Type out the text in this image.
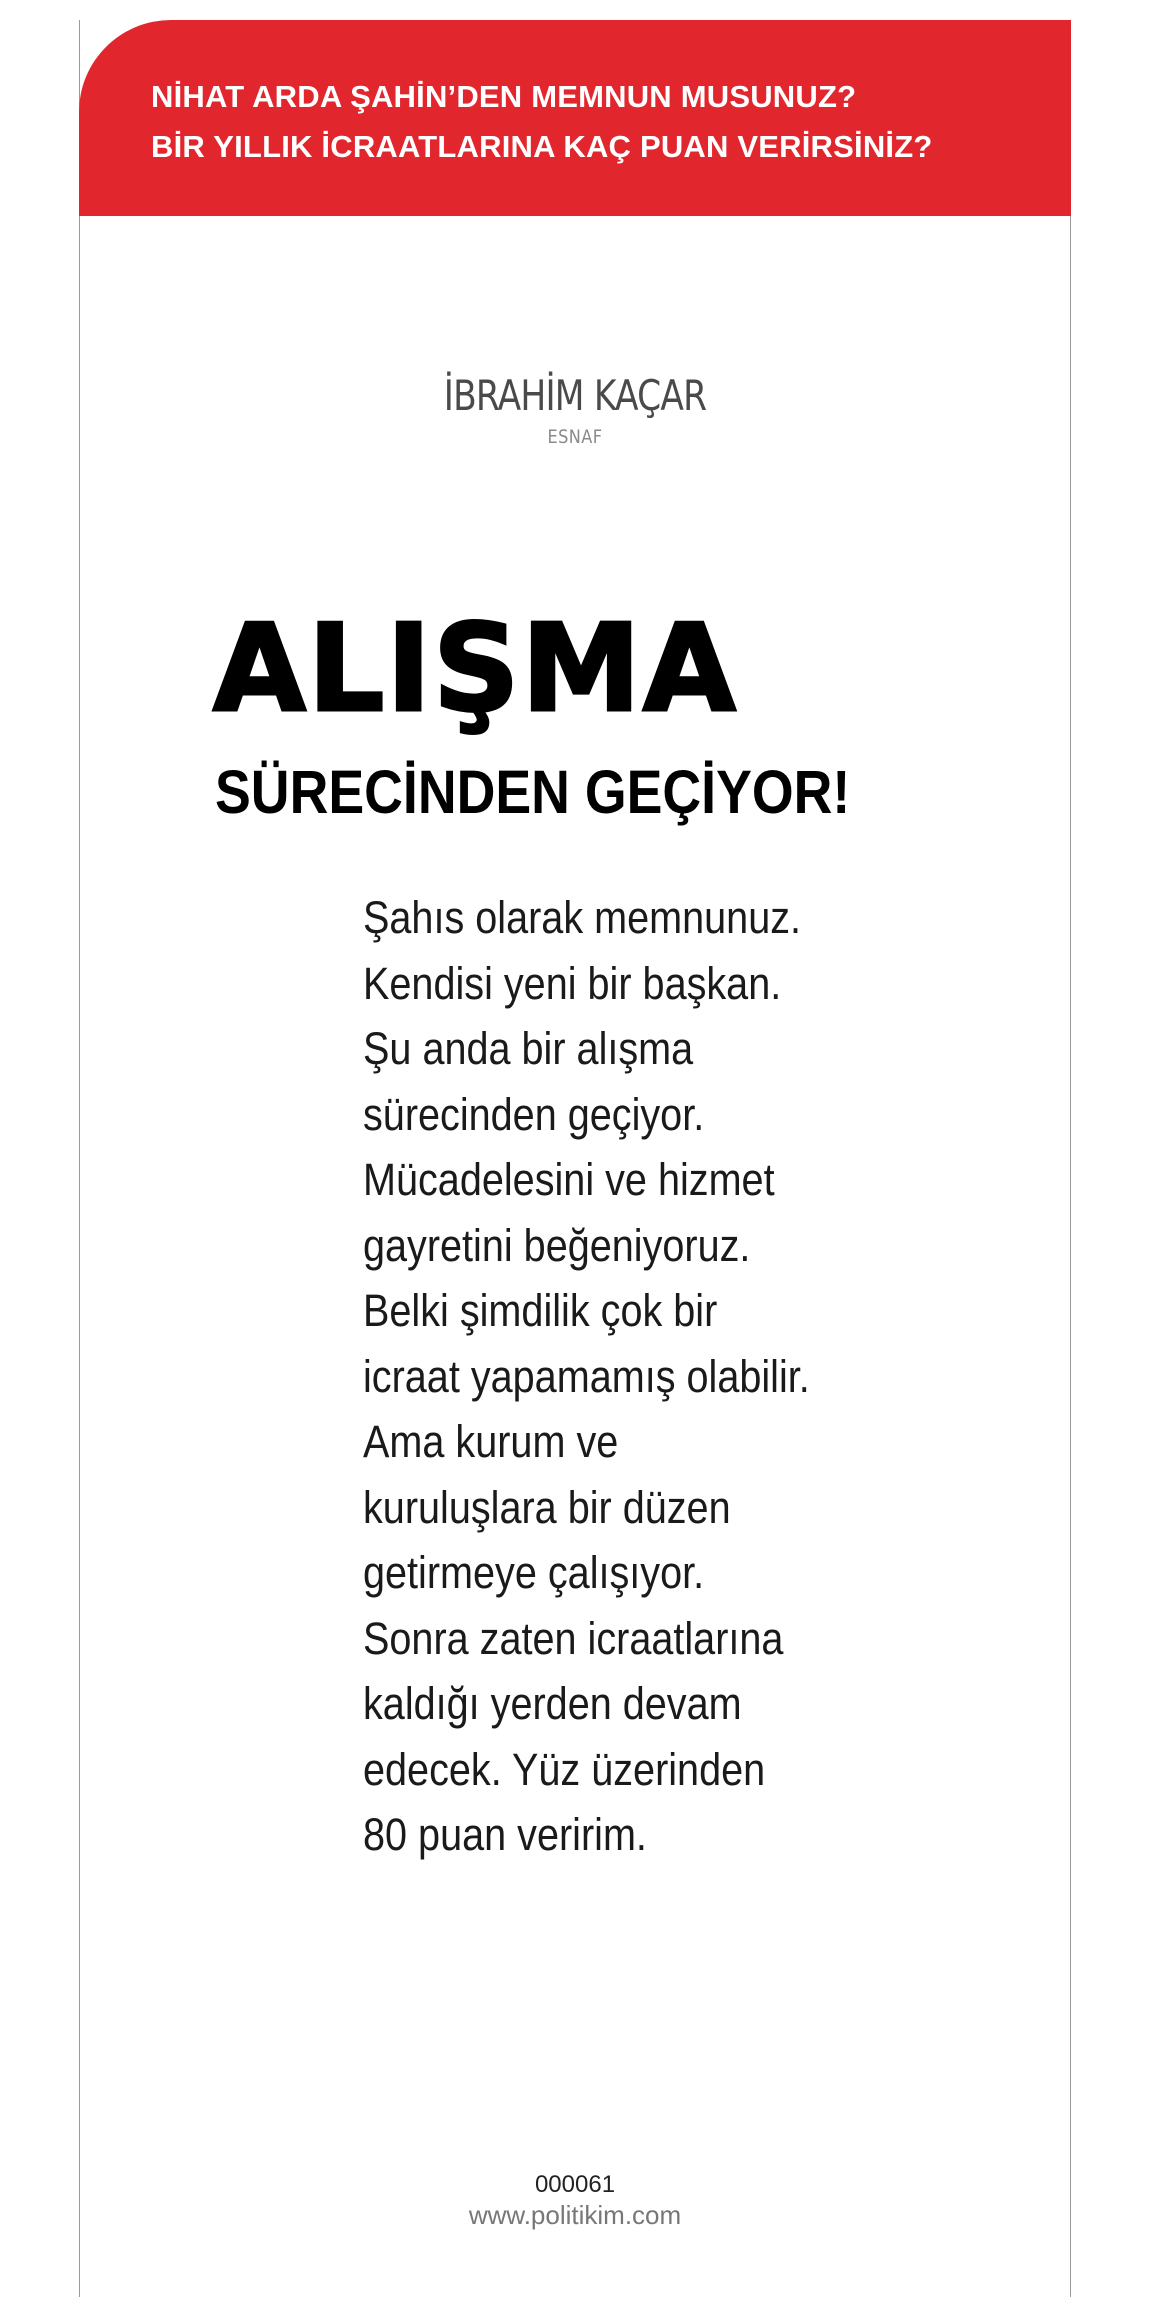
NİHAT ARDA ŞAHİN’DEN MEMNUN MUSUNUZ?
BİR YILLIK İCRAATLARINA KAÇ PUAN VERİRSİNİZ?
İBRAHİM KAÇAR
ESNAF
ALIŞMA
SÜRECİNDEN GEÇİYOR!
Şahıs olarak memnunuz.
Kendisi yeni bir başkan.
Şu anda bir alışma
sürecinden geçiyor.
Mücadelesini ve hizmet
gayretini beğeniyoruz.
Belki şimdilik çok bir
icraat yapamamış olabilir.
Ama kurum ve
kuruluşlara bir düzen
getirmeye çalışıyor.
Sonra zaten icraatlarına
kaldığı yerden devam
edecek. Yüz üzerinden
80 puan veririm.
000061
www.politikim.com
